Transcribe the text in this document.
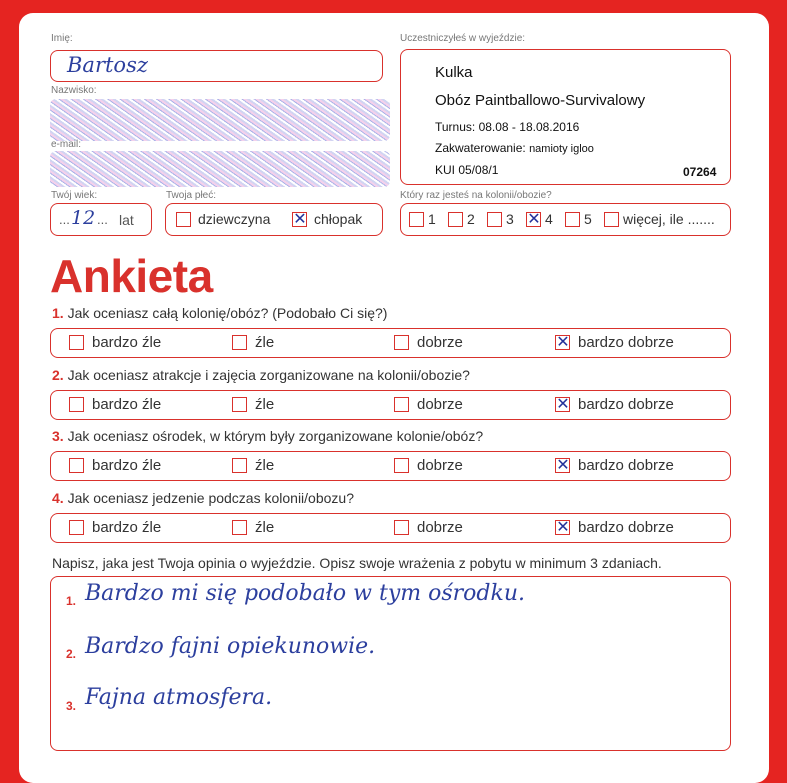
Imię:
Bartosz
Nazwisko:
e-mail:
Uczestniczyłeś w wyjeździe:
Kulka
Obóz Paintballowo-Survivalowy
Turnus: 08.08 - 18.08.2016
Zakwaterowanie: namioty igloo
KUI 05/08/1	07264
Twój wiek:
... 12 ... lat
Twoja płeć:
dziewczyna ✕ chłopak
Który raz jesteś na kolonii/obozie?
1 2 3 ✕ 4 5 więcej, ile .......
Ankieta
1. Jak oceniasz całą kolonię/obóz? (Podobało Ci się?)
bardzo źle	źle	dobrze	✕ bardzo dobrze
2. Jak oceniasz atrakcje i zajęcia zorganizowane na kolonii/obozie?
bardzo źle	źle	dobrze	✕ bardzo dobrze
3. Jak oceniasz ośrodek, w którym były zorganizowane kolonie/obóz?
bardzo źle	źle	dobrze	✕ bardzo dobrze
4. Jak oceniasz jedzenie podczas kolonii/obozu?
bardzo źle	źle	dobrze	✕ bardzo dobrze
Napisz, jaka jest Twoja opinia o wyjeździe. Opisz swoje wrażenia z pobytu w minimum 3 zdaniach.
1. Bardzo mi się podobało w tym ośrodku.
2. Bardzo fajni opiekunowie.
3. Fajna atmosfera.
